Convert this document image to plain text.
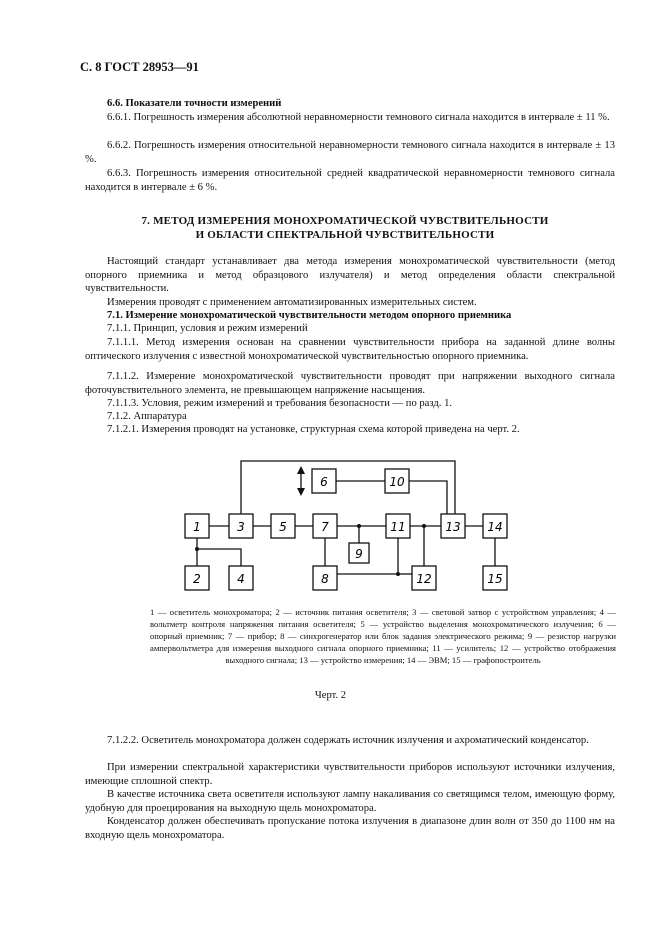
С. 8 ГОСТ 28953—91
6.6. Показатели точности измерений

6.6.1. Погрешность измерения абсолютной неравномерности темнового сигнала находится в интервале ± 11 %.

6.6.2. Погрешность измерения относительной неравномерности темнового сигнала находится в интервале ± 13 %.

6.6.3. Погрешность измерения относительной средней квадратической неравномерности темнового сигнала находится в интервале ± 6 %.

7. МЕТОД ИЗМЕРЕНИЯ МОНОХРОМАТИЧЕСКОЙ ЧУВСТВИТЕЛЬНОСТИ
И ОБЛАСТИ СПЕКТРАЛЬНОЙ ЧУВСТВИТЕЛЬНОСТИ

Настоящий стандарт устанавливает два метода измерения монохроматической чувствительности (метод опорного приемника и метод образцового излучателя) и метод определения области спектральной чувствительности.

Измерения проводят с применением автоматизированных измерительных систем.

7.1. Измерение монохроматической чувствительности методом опорного приемника

7.1.1. Принцип, условия и режим измерений

7.1.1.1. Метод измерения основан на сравнении чувствительности прибора на заданной длине волны оптического излучения с известной монохроматической чувствительностью опорного приемника.

7.1.1.2. Измерение монохроматической чувствительности проводят при напряжении выходного сигнала фоточувствительного элемента, не превышающем напряжение насыщения.

7.1.1.3. Условия, режим измерений и требования безопасности — по разд. 1.

7.1.2. Аппаратура

7.1.2.1. Измерения проводят на установке, структурная схема которой приведена на черт. 2.

1
2
3
4
5
6
7
8
9
10
11
12
13 14
15

1 — осветитель монохроматора; 2 — источник питания осветителя; 3 — световой затвор с устройством управления; 4 — вольтметр контроля напряжения питания осветителя; 5 — устройство выделения монохроматического излучения; 6 — опорный приемник; 7 — прибор; 8 — синхрогенератор или блок задания электрического режима; 9 — резистор нагрузки ампервольтметра для измерения выходного сигнала опорного приемника; 11 — усилитель; 12 — устройство отображения выходного сигнала; 13 — устройство измерения; 14 — ЭВМ; 15 — графопостроитель

Черт. 2

7.1.2.2. Осветитель монохроматора должен содержать источник излучения и ахроматический конденсатор.

При измерении спектральной характеристики чувствительности приборов используют источники излучения, имеющие сплошной спектр.

В качестве источника света осветителя используют лампу накаливания со светящимся телом, имеющую форму, удобную для проецирования на выходную щель монохроматора.

Конденсатор должен обеспечивать пропускание потока излучения в диапазоне длин волн от 350 до 1100 нм на входную щель монохроматора.
